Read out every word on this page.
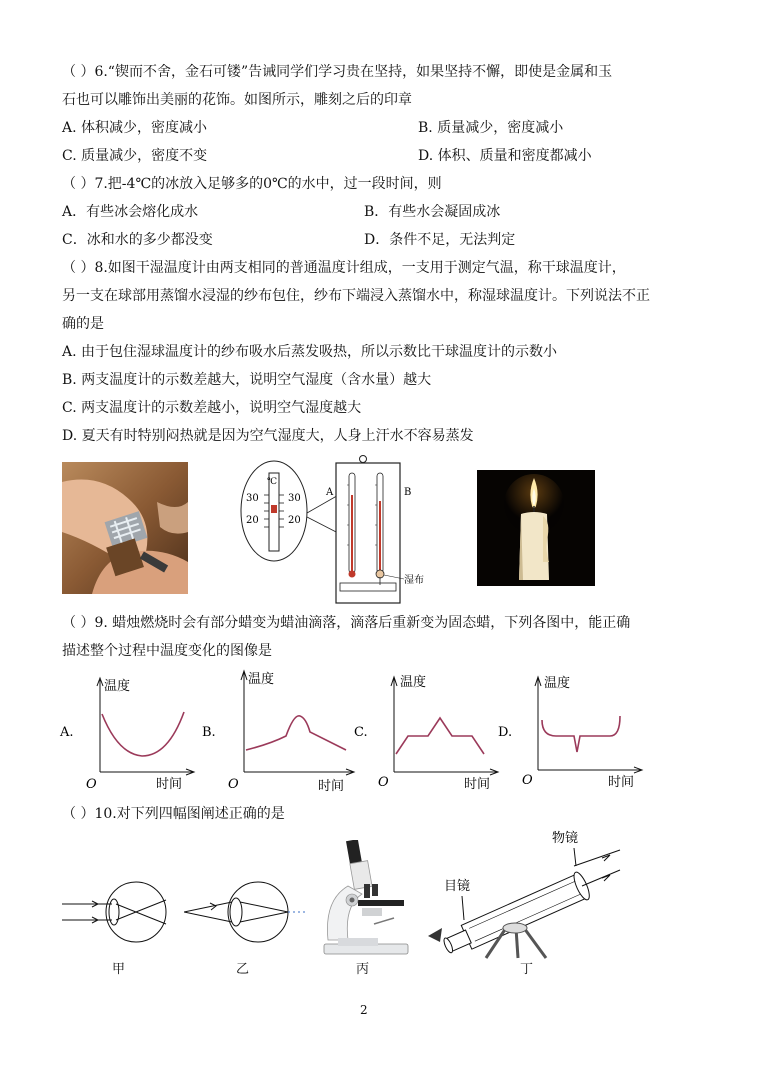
（ ）6.“锲而不舍，金石可镂”告诫同学们学习贵在坚持，如果坚持不懈，即使是金属和玉
石也可以雕饰出美丽的花饰。如图所示，雕刻之后的印章
A. 体积减少，密度减小	B. 质量减少，密度减小
C. 质量减少，密度不变	D. 体积、质量和密度都减小
（ ）7.把-4℃的冰放入足够多的0℃的水中，过一段时间，则
A．有些冰会熔化成水	B．有些水会凝固成冰
C．冰和水的多少都没变	D．条件不足，无法判定
（ ）8.如图干湿温度计由两支相同的普通温度计组成，一支用于测定气温，称干球温度计，
另一支在球部用蒸馏水浸湿的纱布包住，纱布下端浸入蒸馏水中，称湿球温度计。下列说法不正
确的是
A. 由于包住湿球温度计的纱布吸水后蒸发吸热，所以示数比干球温度计的示数小
B. 两支温度计的示数差越大，说明空气湿度（含水量）越大
C. 两支温度计的示数差越小，说明空气湿度越大
D. 夏天有时特别闷热就是因为空气湿度大，人身上汗水不容易蒸发
℃
30
20
30
20
A	B
湿布
（ ）9. 蜡烛燃烧时会有部分蜡变为蜡油滴落，滴落后重新变为固态蜡，下列各图中，能正确
描述整个过程中温度变化的图像是
温度
时间
O
A.
温度
时间
O
B.
温度
时间
O
C.
温度
时间
O
D.
（ ）10.对下列四幅图阐述正确的是
甲	乙	丙
物镜
目镜
丁
2
